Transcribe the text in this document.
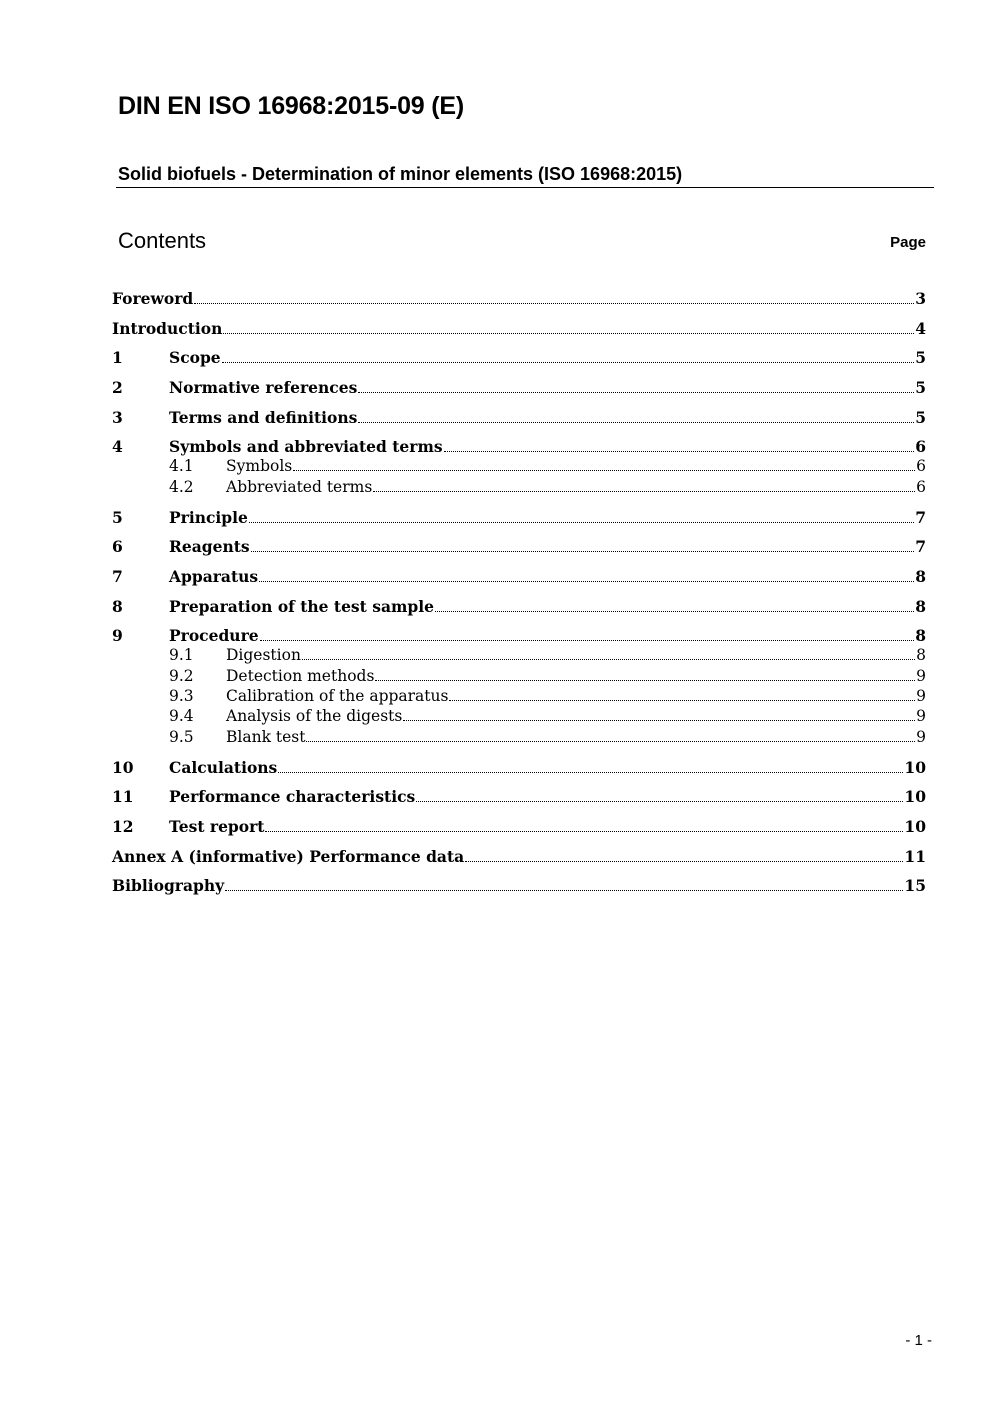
DIN EN ISO 16968:2015-09 (E)
Solid biofuels - Determination of minor elements (ISO 16968:2015)
Contents	Page
Foreword	3
Introduction	4
1	Scope	5
2	Normative references	5
3	Terms and definitions	5
4	Symbols and abbreviated terms	6
4.1	Symbols	6
4.2	Abbreviated terms	6
5	Principle	7
6	Reagents	7
7	Apparatus	8
8	Preparation of the test sample	8
9	Procedure	8
9.1	Digestion	8
9.2	Detection methods	9
9.3	Calibration of the apparatus	9
9.4	Analysis of the digests	9
9.5	Blank test	9
10	Calculations	10
11	Performance characteristics	10
12	Test report	10
Annex A (informative) Performance data	11
Bibliography	15
- 1 -
